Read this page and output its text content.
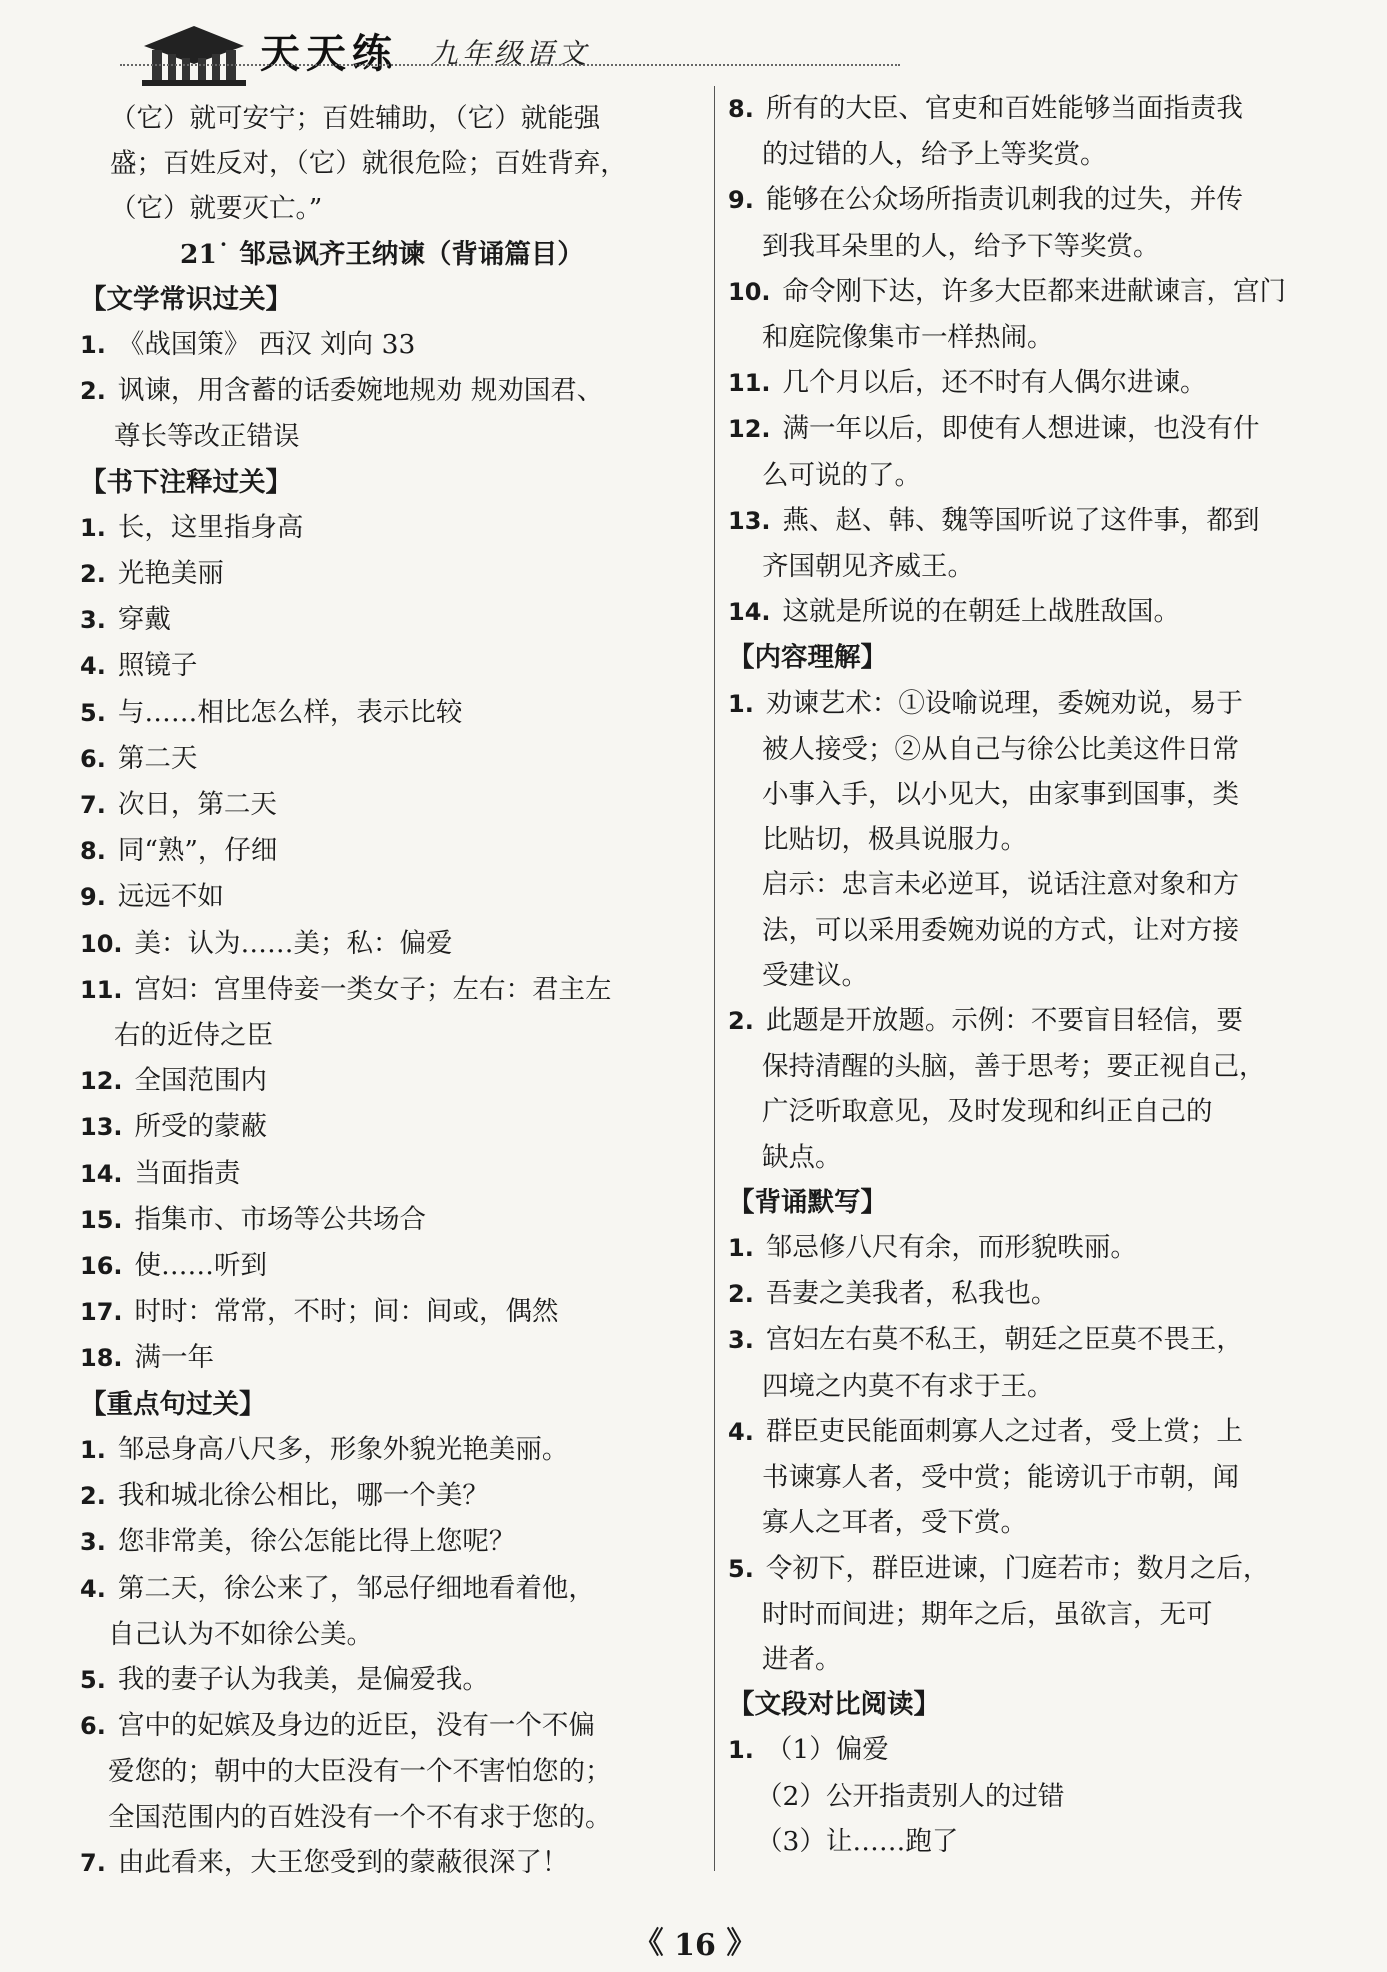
天天练 九年级语文
（它）就可安宁；百姓辅助，（它）就能强
盛；百姓反对，（它）就很危险；百姓背弃，
（它）就要灭亡。”
21˙ 邹忌讽齐王纳谏（背诵篇目）
【文学常识过关】
1. 《战国策》 西汉 刘向 33
2. 讽谏，用含蓄的话委婉地规劝 规劝国君、
尊长等改正错误
【书下注释过关】
1. 长，这里指身高
2. 光艳美丽
3. 穿戴
4. 照镜子
5. 与……相比怎么样，表示比较
6. 第二天
7. 次日，第二天
8. 同“熟”，仔细
9. 远远不如
10. 美：认为……美；私：偏爱
11. 宫妇：宫里侍妾一类女子；左右：君主左
右的近侍之臣
12. 全国范围内
13. 所受的蒙蔽
14. 当面指责
15. 指集市、市场等公共场合
16. 使……听到
17. 时时：常常，不时；间：间或，偶然
18. 满一年
【重点句过关】
1. 邹忌身高八尺多，形象外貌光艳美丽。
2. 我和城北徐公相比，哪一个美？
3. 您非常美，徐公怎能比得上您呢？
4. 第二天，徐公来了，邹忌仔细地看着他，
自己认为不如徐公美。
5. 我的妻子认为我美，是偏爱我。
6. 宫中的妃嫔及身边的近臣，没有一个不偏
爱您的；朝中的大臣没有一个不害怕您的；
全国范围内的百姓没有一个不有求于您的。
7. 由此看来，大王您受到的蒙蔽很深了！
8. 所有的大臣、官吏和百姓能够当面指责我
的过错的人，给予上等奖赏。
9. 能够在公众场所指责讥刺我的过失，并传
到我耳朵里的人，给予下等奖赏。
10. 命令刚下达，许多大臣都来进献谏言，宫门
和庭院像集市一样热闹。
11. 几个月以后，还不时有人偶尔进谏。
12. 满一年以后，即使有人想进谏，也没有什
么可说的了。
13. 燕、赵、韩、魏等国听说了这件事，都到
齐国朝见齐威王。
14. 这就是所说的在朝廷上战胜敌国。
【内容理解】
1. 劝谏艺术：①设喻说理，委婉劝说，易于
被人接受；②从自己与徐公比美这件日常
小事入手，以小见大，由家事到国事，类
比贴切，极具说服力。
启示：忠言未必逆耳，说话注意对象和方
法，可以采用委婉劝说的方式，让对方接
受建议。
2. 此题是开放题。示例：不要盲目轻信，要
保持清醒的头脑，善于思考；要正视自己，
广泛听取意见，及时发现和纠正自己的
缺点。
【背诵默写】
1. 邹忌修八尺有余，而形貌昳丽。
2. 吾妻之美我者，私我也。
3. 宫妇左右莫不私王，朝廷之臣莫不畏王，
四境之内莫不有求于王。
4. 群臣吏民能面刺寡人之过者，受上赏；上
书谏寡人者，受中赏；能谤讥于市朝，闻
寡人之耳者，受下赏。
5. 令初下，群臣进谏，门庭若市；数月之后，
时时而间进；期年之后，虽欲言，无可
进者。
【文段对比阅读】
1. （1）偏爱
（2）公开指责别人的过错
（3）让……跑了
《 16 》
